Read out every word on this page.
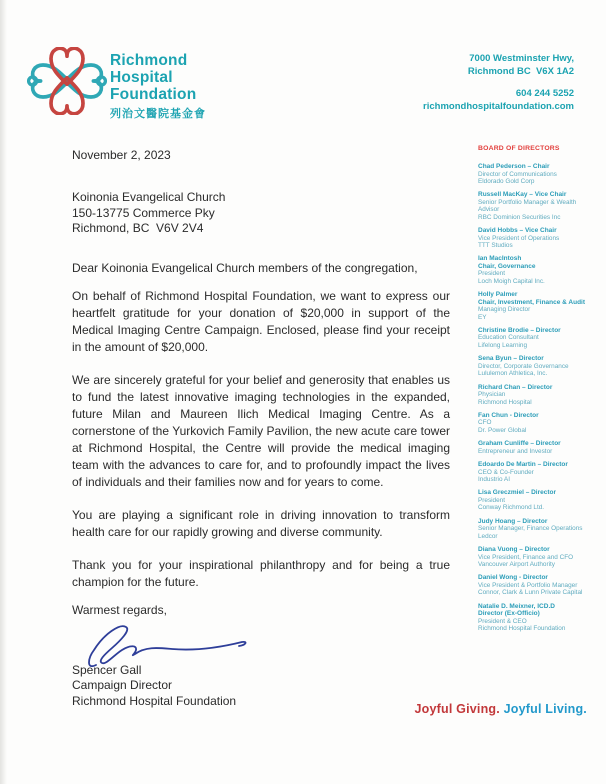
Richmond
Hospital
Foundation
列治文醫院基金會
7000 Westminster Hwy,
Richmond BC  V6X 1A2
604 244 5252
richmondhospitalfoundation.com
November 2, 2023
Koinonia Evangelical Church
150-13775 Commerce Pky
Richmond, BC  V6V 2V4
Dear Koinonia Evangelical Church members of the congregation,

On behalf of Richmond Hospital Foundation, we want to express our heartfelt gratitude for your donation of $20,000 in support of the Medical Imaging Centre Campaign. Enclosed, please find your receipt in the amount of $20,000.

We are sincerely grateful for your belief and generosity that enables us to fund the latest innovative imaging technologies in the expanded, future Milan and Maureen Ilich Medical Imaging Centre. As a cornerstone of the Yurkovich Family Pavilion, the new acute care tower at Richmond Hospital, the Centre will provide the medical imaging team with the advances to care for, and to profoundly impact the lives of individuals and their families now and for years to come.

You are playing a significant role in driving innovation to transform health care for our rapidly growing and diverse community.

Thank you for your inspirational philanthropy and for being a true champion for the future.

Warmest regards,
Spencer Gall
Campaign Director
Richmond Hospital Foundation
BOARD OF DIRECTORS
Chad Pederson – Chair
Director of Communications
Eldorado Gold Corp
Russell MacKay – Vice Chair
Senior Portfolio Manager & Wealth Advisor
RBC Dominion Securities Inc
David Hobbs – Vice Chair
Vice President of Operations
TTT Studios
Ian MacIntosh
Chair, Governance
President
Loch Moigh Capital Inc.
Holly Palmer
Chair, Investment, Finance & Audit
Managing Director
EY
Christine Brodie – Director
Education Consultant
Lifelong Learning
Sena Byun – Director
Director, Corporate Governance
Lululemon Athletica, Inc.
Richard Chan – Director
Physician
Richmond Hospital
Fan Chun - Director
CFO
Dr. Power Global
Graham Cunliffe – Director
Entrepreneur and Investor
Edoardo De Martin – Director
CEO & Co-Founder
Industrio AI
Lisa Greczmiel – Director
President
Conway Richmond Ltd.
Judy Hoang – Director
Senior Manager, Finance Operations
Ledcor
Diana Vuong – Director
Vice President, Finance and CFO
Vancouver Airport Authority
Daniel Wong - Director
Vice President & Portfolio Manager
Connor, Clark & Lunn Private Capital
Natalie D. Meixner, ICD.D
Director (Ex-Officio)
President & CEO
Richmond Hospital Foundation
Joyful Giving. Joyful Living.
